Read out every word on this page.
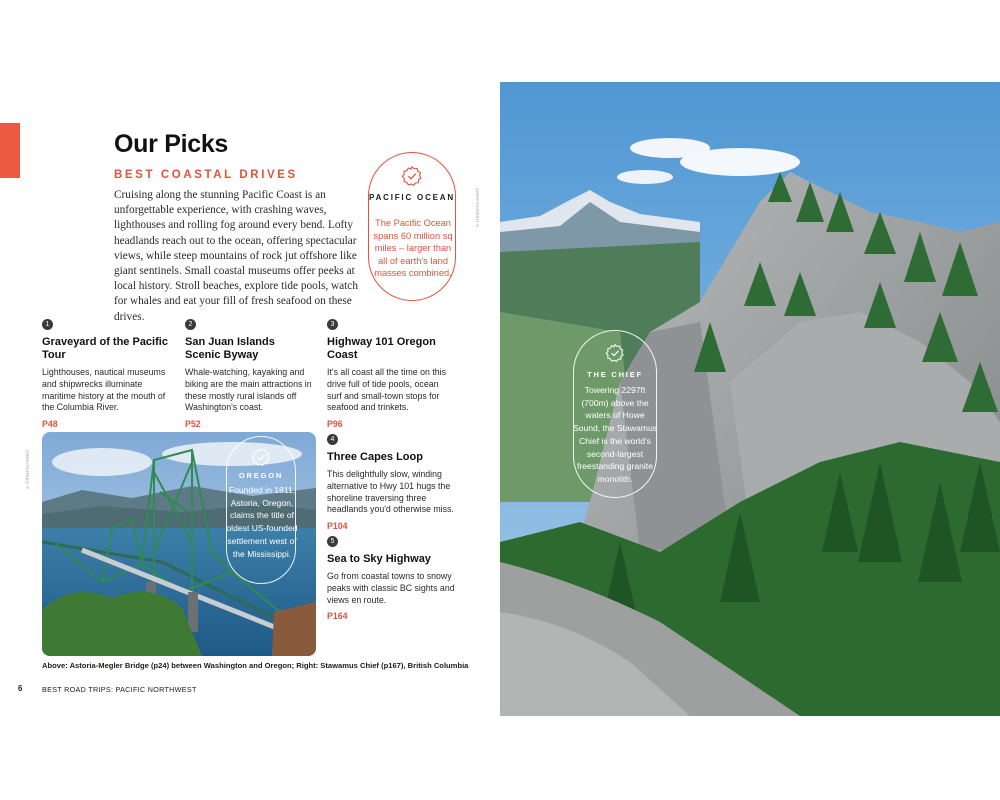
Our Picks
BEST COASTAL DRIVES

Cruising along the stunning Pacific Coast is an unforgettable experience, with crashing waves, lighthouses and rolling fog around every bend. Lofty headlands reach out to the ocean, offering spectacular views, while steep mountains of rock jut offshore like giant sentinels. Small coastal museums offer peeks at local history. Stroll beaches, explore tide pools, watch for whales and eat your fill of fresh seafood on these drives.

PACIFIC OCEAN
The Pacific Ocean spans 60 million sq miles – larger than all of earth's land masses combined.
CREDIT/CREDIT ©
1
Graveyard of the Pacific Tour
Lighthouses, nautical museums and shipwrecks illuminate maritime history at the mouth of the Columbia River.
P48
2
San Juan Islands Scenic Byway
Whale-watching, kayaking and biking are the main attractions in these mostly rural islands off Washington's coast.
P52
3
Highway 101 Oregon Coast
It's all coast all the time on this drive full of tide pools, ocean surf and small-town stops for seafood and trinkets.
P96
4
Three Capes Loop
This delightfully slow, winding alternative to Hwy 101 hugs the shoreline traversing three headlands you'd otherwise miss.
P104
5
Sea to Sky Highway
Go from coastal towns to snowy peaks with classic BC sights and views en route.
P164
CREDIT/CREDIT ©	OREGON
Founded in 1811, Astoria, Oregon, claims the title of oldest US-founded settlement west of the Mississippi.
Above: Astoria-Megler Bridge (p24) between Washington and Oregon; Right: Stawamus Chief (p167), British Columbia
6	BEST ROAD TRIPS: PACIFIC NORTHWEST
THE CHIEF
Towering 2297ft (700m) above the waters of Howe Sound, the Stawamus Chief is the world's second-largest freestanding granite monolith.
